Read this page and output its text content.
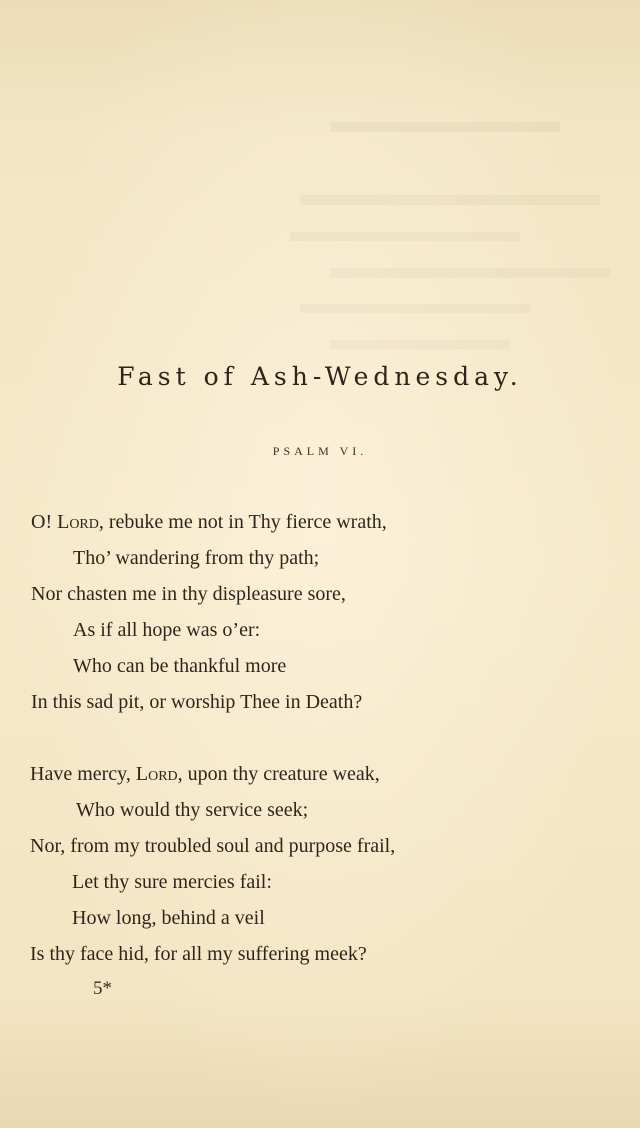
Fast of Ash-Wednesday.
PSALM VI.
O! Lord, rebuke me not in Thy fierce wrath,
Tho’ wandering from thy path;
Nor chasten me in thy displeasure sore,
As if all hope was o’er:
Who can be thankful more
In this sad pit, or worship Thee in Death?
Have mercy, Lord, upon thy creature weak,
Who would thy service seek;
Nor, from my troubled soul and purpose frail,
Let thy sure mercies fail:
How long, behind a veil
Is thy face hid, for all my suffering meek?
5*
